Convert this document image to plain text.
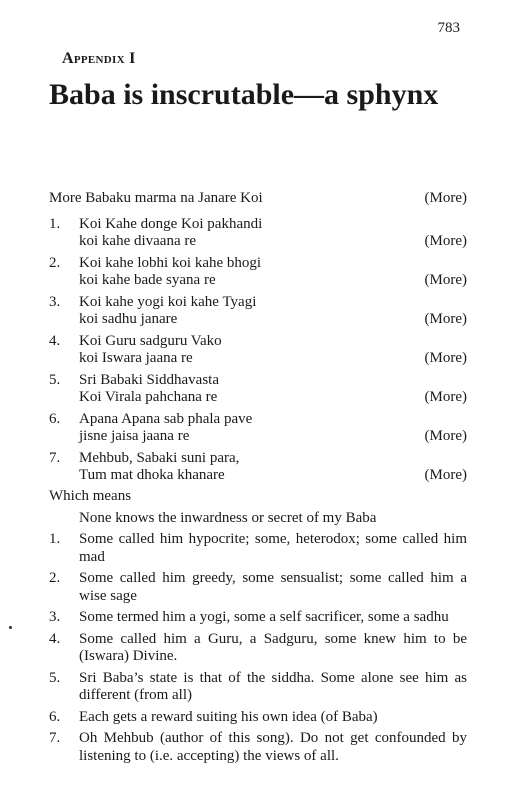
783
Appendix I
Baba is inscrutable—a sphynx
More Babaku marma na Janare Koi	(More)
1.	Koi Kahe donge Koi pakhandi
koi kahe divaana re	(More)
2.	Koi kahe lobhi koi kahe bhogi
koi kahe bade syana re	(More)
3.	Koi kahe yogi koi kahe Tyagi
koi sadhu janare	(More)
4.	Koi Guru sadguru Vako
koi Iswara jaana re	(More)
5.	Sri Babaki Siddhavasta
Koi Virala pahchana re	(More)
6.	Apana Apana sab phala pave
jisne jaisa jaana re	(More)
7.	Mehbub, Sabaki suni para,
Tum mat dhoka khanare	(More)
Which means
None knows the inwardness or secret of my Baba
1.	Some called him hypocrite; some, heterodox; some called him mad
2.	Some called him greedy, some sensualist; some called him a wise sage
3.	Some termed him a yogi, some a self sacrificer, some a sadhu
4.	Some called him a Guru, a Sadguru, some knew him to be (Iswara) Divine.
5.	Sri Baba’s state is that of the siddha. Some alone see him as different (from all)
6.	Each gets a reward suiting his own idea (of Baba)
7.	Oh Mehbub (author of this song). Do not get confounded by listening to (i.e. accepting) the views of all.
